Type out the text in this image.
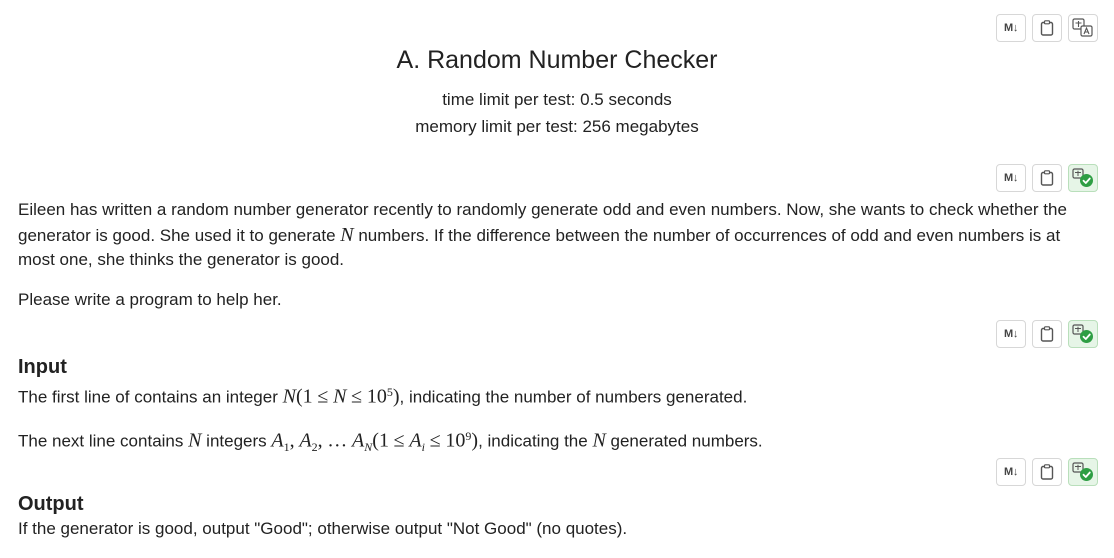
M↓
A. Random Number Checker
time limit per test: 0.5 seconds
memory limit per test: 256 megabytes
M↓
Eileen has written a random number generator recently to randomly generate odd and even numbers. Now, she wants to check whether the generator is good. She used it to generate N numbers. If the difference between the number of occurrences of odd and even numbers is at most one, she thinks the generator is good.
Please write a program to help her.
M↓
Input
The first line of contains an integer $N(1 \le N \le 10^5)$, indicating the number of numbers generated.
The next line contains N integers $A_1$, $A_2$, … $A_N(1 \le A_i \le 10^9)$, indicating the N generated numbers.
M↓
Output
If the generator is good, output "Good"; otherwise output "Not Good" (no quotes).
